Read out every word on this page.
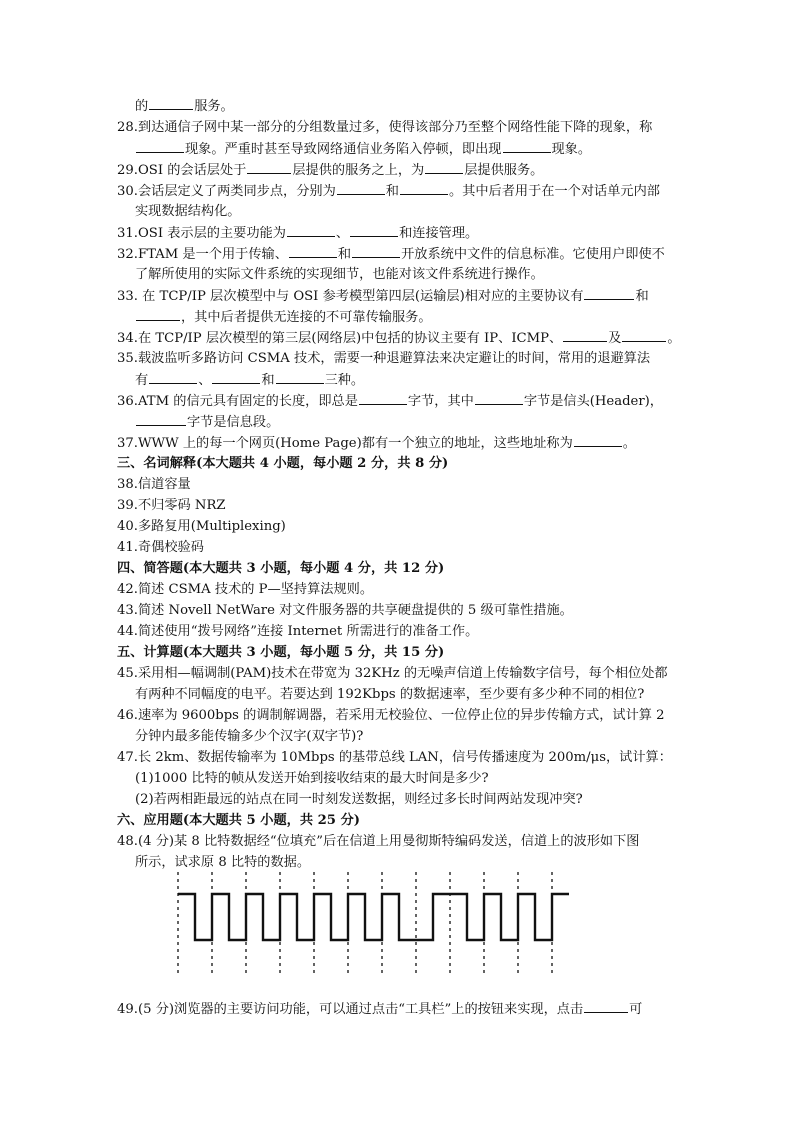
的	服务。
28.到达通信子网中某一部分的分组数量过多，使得该部分乃至整个网络性能下降的现象，称
现象。严重时甚至导致网络通信业务陷入停顿，即出现	现象。
29.OSI 的会话层处于	层提供的服务之上，为	层提供服务。
30.会话层定义了两类同步点，分别为	和	。其中后者用于在一个对话单元内部
实现数据结构化。
31.OSI 表示层的主要功能为	、	和连接管理。
32.FTAM 是一个用于传输、	和	开放系统中文件的信息标准。它使用户即使不
了解所使用的实际文件系统的实现细节，也能对该文件系统进行操作。
33. 在 TCP/IP 层次模型中与 OSI 参考模型第四层(运输层)相对应的主要协议有	和
，其中后者提供无连接的不可靠传输服务。
34.在 TCP/IP 层次模型的第三层(网络层)中包括的协议主要有 IP、ICMP、	及	。
35.载波监听多路访问 CSMA 技术，需要一种退避算法来决定避让的时间，常用的退避算法
有	、	和	三种。
36.ATM 的信元具有固定的长度，即总是	字节，其中	字节是信头(Header)，
字节是信息段。
37.WWW 上的每一个网页(Home Page)都有一个独立的地址，这些地址称为	。
三、名词解释(本大题共 4 小题，每小题 2 分，共 8 分)
38.信道容量
39.不归零码 NRZ
40.多路复用(Multiplexing)
41.奇偶校验码
四、简答题(本大题共 3 小题，每小题 4 分，共 12 分)
42.简述 CSMA 技术的 P—坚持算法规则。
43.简述 Novell NetWare 对文件服务器的共享硬盘提供的 5 级可靠性措施。
44.简述使用“拨号网络”连接 Internet 所需进行的准备工作。
五、计算题(本大题共 3 小题，每小题 5 分，共 15 分)
45.采用相—幅调制(PAM)技术在带宽为 32KHz 的无噪声信道上传输数字信号，每个相位处都
有两种不同幅度的电平。若要达到 192Kbps 的数据速率，至少要有多少种不同的相位?
46.速率为 9600bps 的调制解调器，若采用无校验位、一位停止位的异步传输方式，试计算 2
分钟内最多能传输多少个汉字(双字节)?
47.长 2km、数据传输率为 10Mbps 的基带总线 LAN，信号传播速度为 200m/μs，试计算：
(1)1000 比特的帧从发送开始到接收结束的最大时间是多少?
(2)若两相距最远的站点在同一时刻发送数据，则经过多长时间两站发现冲突?
六、应用题(本大题共 5 小题，共 25 分)
48.(4 分)某 8 比特数据经“位填充”后在信道上用曼彻斯特编码发送，信道上的波形如下图
所示，试求原 8 比特的数据。
49.(5 分)浏览器的主要访问功能，可以通过点击“工具栏”上的按钮来实现，点击	可
